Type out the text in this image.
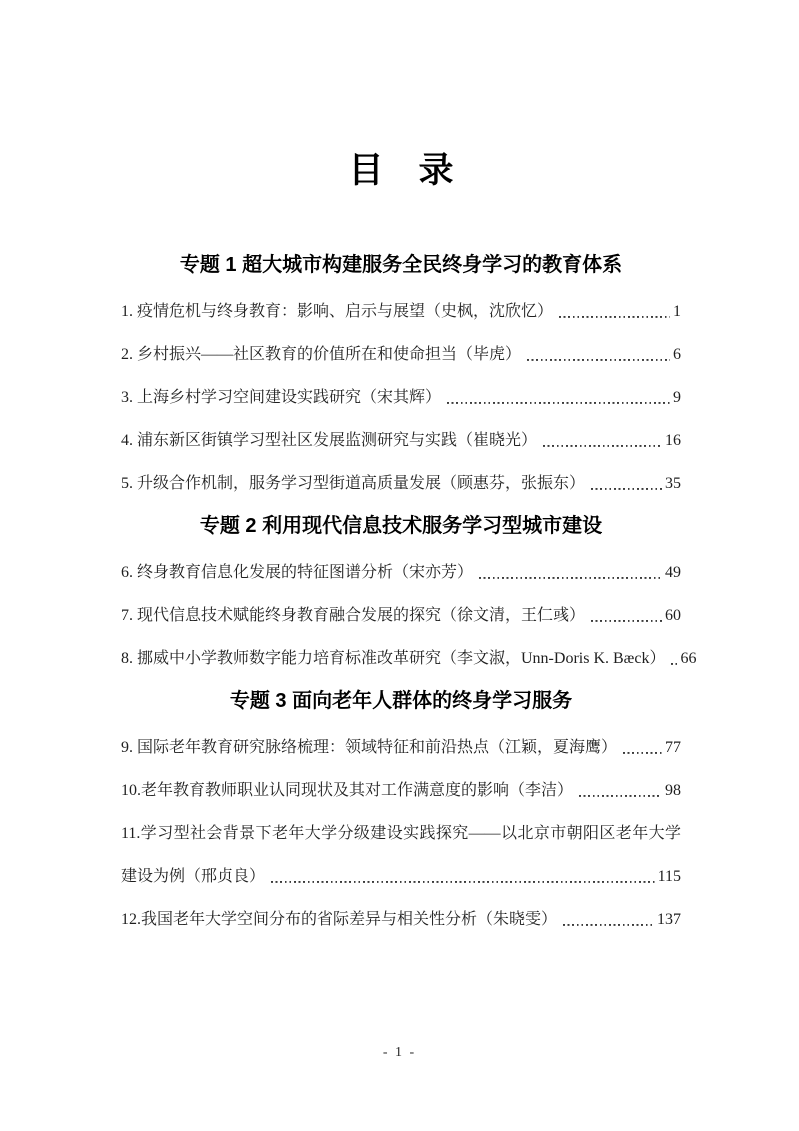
目　录
专题 1 超大城市构建服务全民终身学习的教育体系
1. 疫情危机与终身教育：影响、启示与展望（史枫，沈欣忆）	1
2. 乡村振兴——社区教育的价值所在和使命担当（毕虎）	6
3. 上海乡村学习空间建设实践研究（宋其辉）	9
4. 浦东新区街镇学习型社区发展监测研究与实践（崔晓光）	16
5. 升级合作机制，服务学习型街道高质量发展（顾惠芬，张振东）	35
专题 2 利用现代信息技术服务学习型城市建设
6. 终身教育信息化发展的特征图谱分析（宋亦芳）	49
7. 现代信息技术赋能终身教育融合发展的探究（徐文清，王仁彧）	60
8. 挪威中小学教师数字能力培育标准改革研究（李文淑，Unn-Doris K. Bæck） 66
专题 3 面向老年人群体的终身学习服务
9. 国际老年教育研究脉络梳理：领域特征和前沿热点（江颖，夏海鹰）	77
10.老年教育教师职业认同现状及其对工作满意度的影响（李洁）	98
11.学习型社会背景下老年大学分级建设实践探究——以北京市朝阳区老年大学
建设为例（邢贞良）	115
12.我国老年大学空间分布的省际差异与相关性分析（朱晓雯）	137
- 1 -
